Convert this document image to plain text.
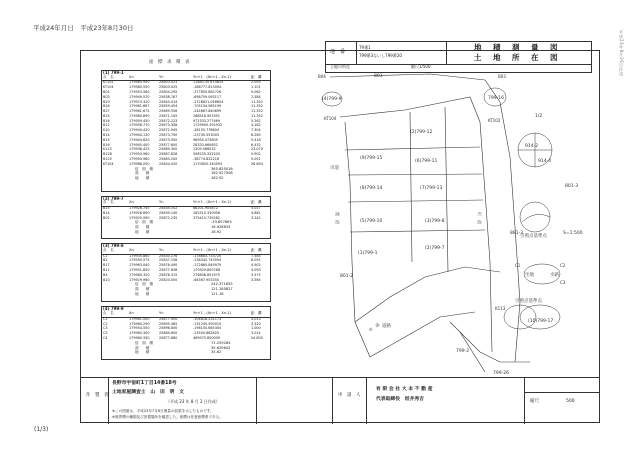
平成24年月日　平成23年8月30日
平成23年8月26日作成
(1/3)
地　番
79番1
799番3ないし799番20
地　積　測　量　図
土　地　所　在　図
土地の所在	縮尺1/500
座　標　求　積　表
(1) 799-1
点　名	Xn	Yn	Yn+1 - (Xn+1 - Xn-1)	距　離
KT102	179985.950	25803.023	11883.35 674633	2.055
KT104	179985.550	25803.025	-188777.613004	1.101
B01	179953.580	25804.295	-377855.862726	9.062
B03	179949.570	25838.767	-698759.063117	2.584
B20	179974.320	25844.414	-1728621.046654	11.352
B26	179961.667	25859.454	-705154.985199	11.352
B27	179961.675	25869.556	-244667.840699	11.352
B25	179960.890	25871.105	268918.903351	11.352
B16	179959.450	25872.223	972333.277469	5.262
B12	179958.770	25873.308	1729905.392932	4.182
K10	179940.420	25872.945	-28155.778604	7.304
B14	179944.130	25873.750	-23745.553003	6.265
B15	179944.620	25873.950	96955.473605	5.418
B16	179945.400	25877.600	28333.660652	6.432
K113	179938.425	25889.300	1309.568032	23.070
B128	179953.960	25867.828	598235.332203	5.902
B125	179950.980	25863.200	-38774.822218	5.051
KT104	179988.050	25844.020	1170805.340593	26.894
倍　面　積	365.855016
面　　積	182.927508
地　　積	182.92
(2) 799-7
点　名	Xn	Yn	Yn+1 - (Xn+1 - Xn-1)	距　離
B15	179926.745	25834.552	68201.905872	5.017
B14	179926.890	25839.140	162510.330958	4.861
B02	179925.990	25872.235	375415.739262	3.242
倍　面　積	-33.857665
面　　積	16.928833
地　　積	16.92
(3) 799-8
点　名	Xn	Yn	Yn+1 - (Xn+1 - Xn-1)	距　離
C1	179935.860	25830.276	-178683.733720	7.585
B2	179959.575	25837.158	-138342.743594	8.091
B17	179963.040	25876.490	-172860.849979	4.902
B11	179951.850	25877.838	170929.850788	4.093
B4	179960.320	25876.315	276838.651975	3.575
B10	179929.960	25820.050	-64567.953350	3.565
倍　面　積	242.371655
面　　積	121.185827
地　　積	121.18
(4) 799-9
点　名	Xn	Yn	Yn+1 - (Xn+1 - Xn-1)	距　離
C1	179961.000	25877.900	-104818.231173	3.013
C2	179960.290	25895.465	-131245.590015	3.320
C3	179954.550	25896.800	-196150.665304	1.000
C5	179960.300	25884.800	-23500.882820	3.014
C4	179960.330	25877.880	469975.850009	24.800
倍　面　積	71.259284
面　　積	35.629642
地　　積	35.62
(2)799-12
(9)799-15
(6)799-11
(8)799-14	(7)799-13
(5)799-10	(3)799-8
(1)799-1
(2)799-7
(4)799-9	799-16
801
市道
801-2
道路
914-2
914-4
引照点基準点
宅地	水路
引照点基準点
(10)799-17
799-2
799-26
1/2
801-3
881-3	S=1:500
農　道
市　道
町　道
B04	B03
KT102
KT104
K113
C1	C2
C3
作　製　者
長野市宇宿町1丁目14番18号
土地家屋調査士　山　田　明　文
（平成 23 年 8 月 2 日作成）
※この図面は、平成23年7月6日測量の結果を示したものです。
※境界標の種類及び設置場所を確認した。座標は任意座標系である。
申　請　人
有 限 会 社 大 本 不 動 産
代表取締役　坂井秀吉	縮尺	500
